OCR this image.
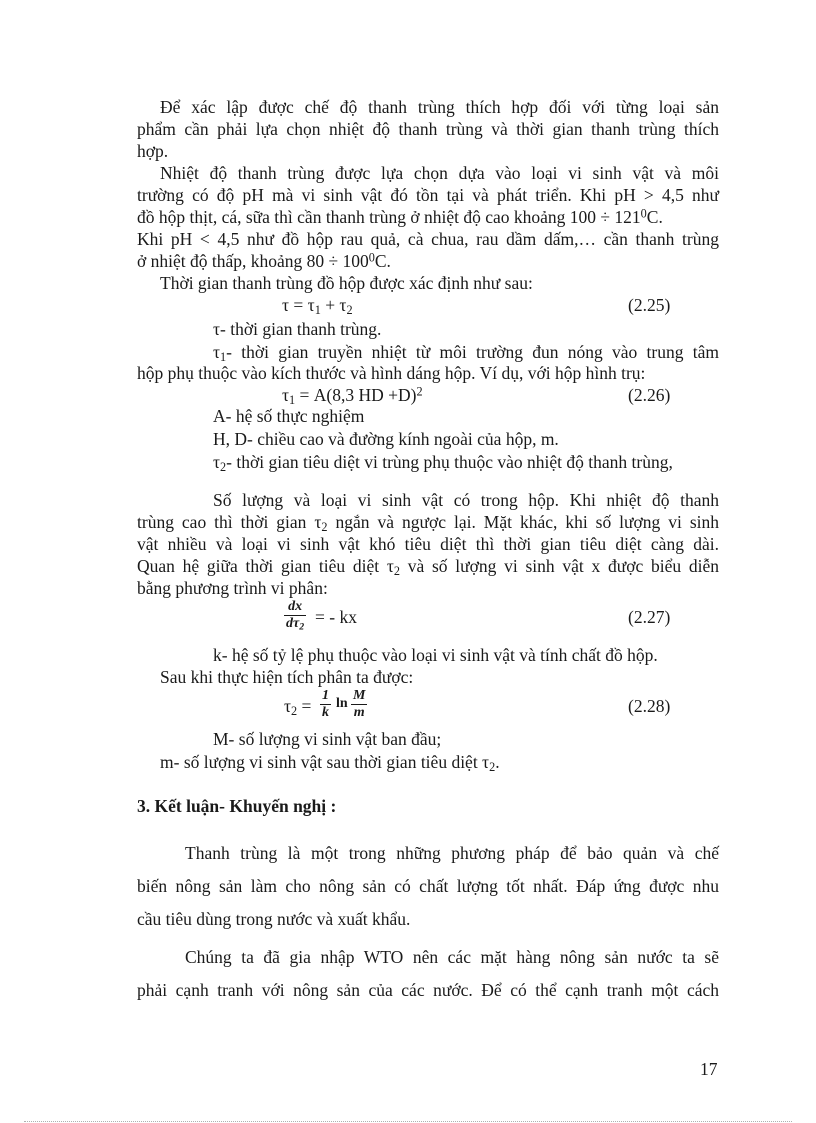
Để xác lập được chế độ thanh trùng thích hợp đối với từng loại sản
phẩm cần phải lựa chọn nhiệt độ thanh trùng và thời gian thanh trùng thích
hợp.
Nhiệt độ thanh trùng được lựa chọn dựa vào loại vi sinh vật và môi
trường có độ pH mà vi sinh vật đó tồn tại và phát triển. Khi pH > 4,5 như
đồ hộp thịt, cá, sữa thì cần thanh trùng ở nhiệt độ cao khoảng $100 \div 121^0C$.
Khi pH < 4,5 như đồ hộp rau quả, cà chua, rau dầm dấm,… cần thanh trùng
ở nhiệt độ thấp, khoảng $80 \div 100^0C$.
Thời gian thanh trùng đồ hộp được xác định như sau:
$\tau = \tau_1 + \tau_2$	(2.25)
τ- thời gian thanh trùng.
$\tau_1-$ thời gian truyền nhiệt từ môi trường đun nóng vào trung tâm
hộp phụ thuộc vào kích thước và hình dáng hộp. Ví dụ, với hộp hình trụ:
$\tau_1 = A(8,3$ HD +D)$^2$	(2.26)
A- hệ số thực nghiệm
H, D- chiều cao và đường kính ngoài của hộp, m.
$\tau_2-$ thời gian tiêu diệt vi trùng phụ thuộc vào nhiệt độ thanh trùng,
Số lượng và loại vi sinh vật có trong hộp. Khi nhiệt độ thanh
trùng cao thì thời gian $\tau_2$ ngắn và ngược lại. Mặt khác, khi số lượng vi sinh
vật nhiều và loại vi sinh vật khó tiêu diệt thì thời gian tiêu diệt càng dài.
Quan hệ giữa thời gian tiêu diệt $\tau_2$ và số lượng vi sinh vật x được biểu diễn
bằng phương trình vi phân:
$\frac{dx}{d\tau_2}$ = - kx	(2.27)
k- hệ số tỷ lệ phụ thuộc vào loại vi sinh vật và tính chất đồ hộp.
Sau khi thực hiện tích phân ta được:
$\tau_2 = \frac{1}{k}$ $\ln \frac{M}{m}$	(2.28)
M- số lượng vi sinh vật ban đầu;
m- số lượng vi sinh vật sau thời gian tiêu diệt $\tau_2$.
3. Kết luận- Khuyến nghị :
Thanh trùng là một trong những phương pháp để bảo quản và chế
biến nông sản làm cho nông sản có chất lượng tốt nhất. Đáp ứng được nhu
cầu tiêu dùng trong nước và xuất khẩu.
Chúng ta đã gia nhập WTO nên các mặt hàng nông sản nước ta sẽ
phải cạnh tranh với nông sản của các nước. Để có thể cạnh tranh một cách
17
